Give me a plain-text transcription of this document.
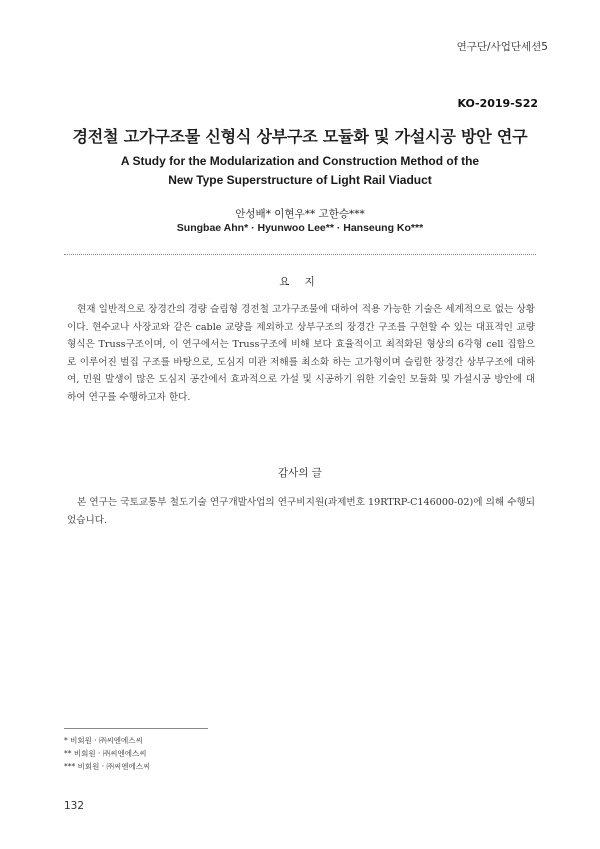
연구단/사업단세션5
KO-2019-S22
경전철 고가구조물 신형식 상부구조 모듈화 및 가설시공 방안 연구
A Study for the Modularization and Construction Method of the
New Type Superstructure of Light Rail Viaduct
안성배* 이현우** 고한승***
Sungbae Ahn* · Hyunwoo Lee** · Hanseung Ko***
요 지

현재 일반적으로 장경간의 경량 슬림형 경전철 고가구조물에 대하여 적용 가능한 기술은 세계적으로 없는 상황이다. 현수교나 사장교와 같은 cable 교량을 제외하고 상부구조의 장경간 구조를 구현할 수 있는 대표적인 교량 형식은 Truss구조이며, 이 연구에서는 Truss구조에 비해 보다 효율적이고 최적화된 형상의 6각형 cell 집합으로 이루어진 벌집 구조를 바탕으로, 도심지 미관 저해를 최소화 하는 고가형이며 슬림한 장경간 상부구조에 대하여, 민원 발생이 많은 도심지 공간에서 효과적으로 가설 및 시공하기 위한 기술인 모듈화 및 가설시공 방안에 대하여 연구를 수행하고자 한다.

감사의 글

본 연구는 국토교통부 철도기술 연구개발사업의 연구비지원(과제번호 19RTRP-C146000-02)에 의해 수행되었습니다.

* 비회원 · ㈜씨엔에스씨
** 비회원 · ㈜씨엔에스씨
*** 비회원 · ㈜씨엔에스씨
132
